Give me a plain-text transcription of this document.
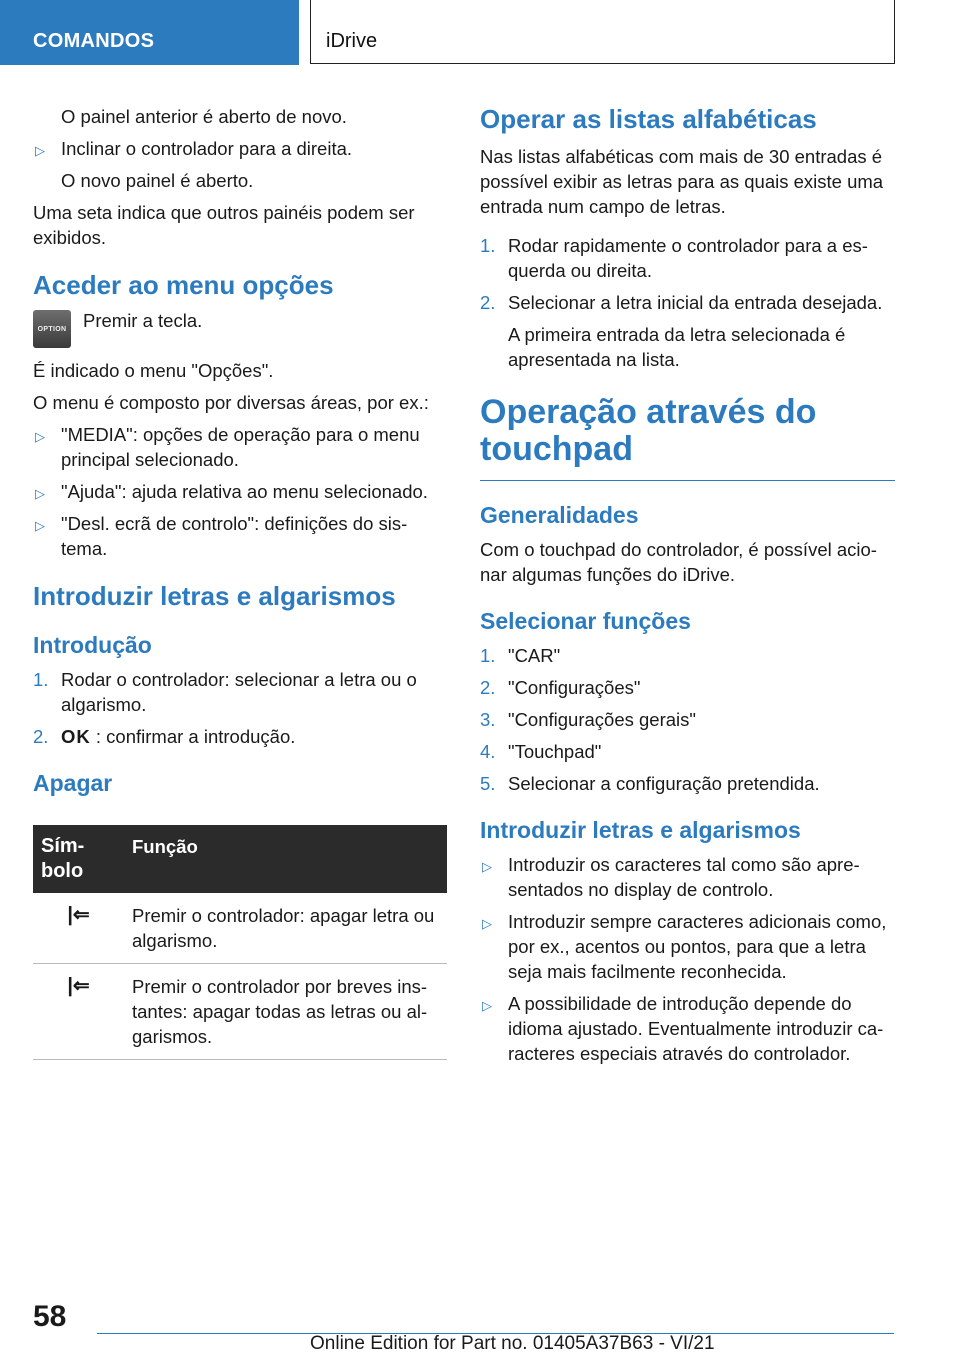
COMANDOS	iDrive

O painel anterior é aberto de novo.

▷ Inclinar o controlador para a direita.

O novo painel é aberto.

Uma seta indica que outros painéis podem ser exibidos.

Aceder ao menu opções
OPTION Premir a tecla.

É indicado o menu "Opções".

O menu é composto por diversas áreas, por ex.:

▷ "MEDIA": opções de operação para o menu principal selecionado.
▷ "Ajuda": ajuda relativa ao menu selecionado.
▷ "Desl. ecrã de controlo": definições do sis-tema.
Introduzir letras e algarismos
Introdução
1. Rodar o controlador: selecionar a letra ou o algarismo.
2. OK : confirmar a introdução.
Apagar
Sím-bolo	Função
|⇐	Premir o controlador: apagar letra ou algarismo.
|⇐	Premir o controlador por breves ins-tantes: apagar todas as letras ou al-garismos.
Operar as listas alfabéticas

Nas listas alfabéticas com mais de 30 entradas é possível exibir as letras para as quais existe uma entrada num campo de letras.

1. Rodar rapidamente o controlador para a es-querda ou direita.
2. Selecionar a letra inicial da entrada desejada.

A primeira entrada da letra selecionada é apresentada na lista.

Operação através do touchpad
Generalidades

Com o touchpad do controlador, é possível acio-nar algumas funções do iDrive.

Selecionar funções
1. "CAR"
2. "Configurações"
3. "Configurações gerais"
4. "Touchpad"
5. Selecionar a configuração pretendida.
Introduzir letras e algarismos
▷ Introduzir os caracteres tal como são apre-sentados no display de controlo.
▷ Introduzir sempre caracteres adicionais como, por ex., acentos ou pontos, para que a letra seja mais facilmente reconhecida.
▷ A possibilidade de introdução depende do idioma ajustado. Eventualmente introduzir ca-racteres especiais através do controlador.
58
Online Edition for Part no. 01405A37B63 - VI/21
